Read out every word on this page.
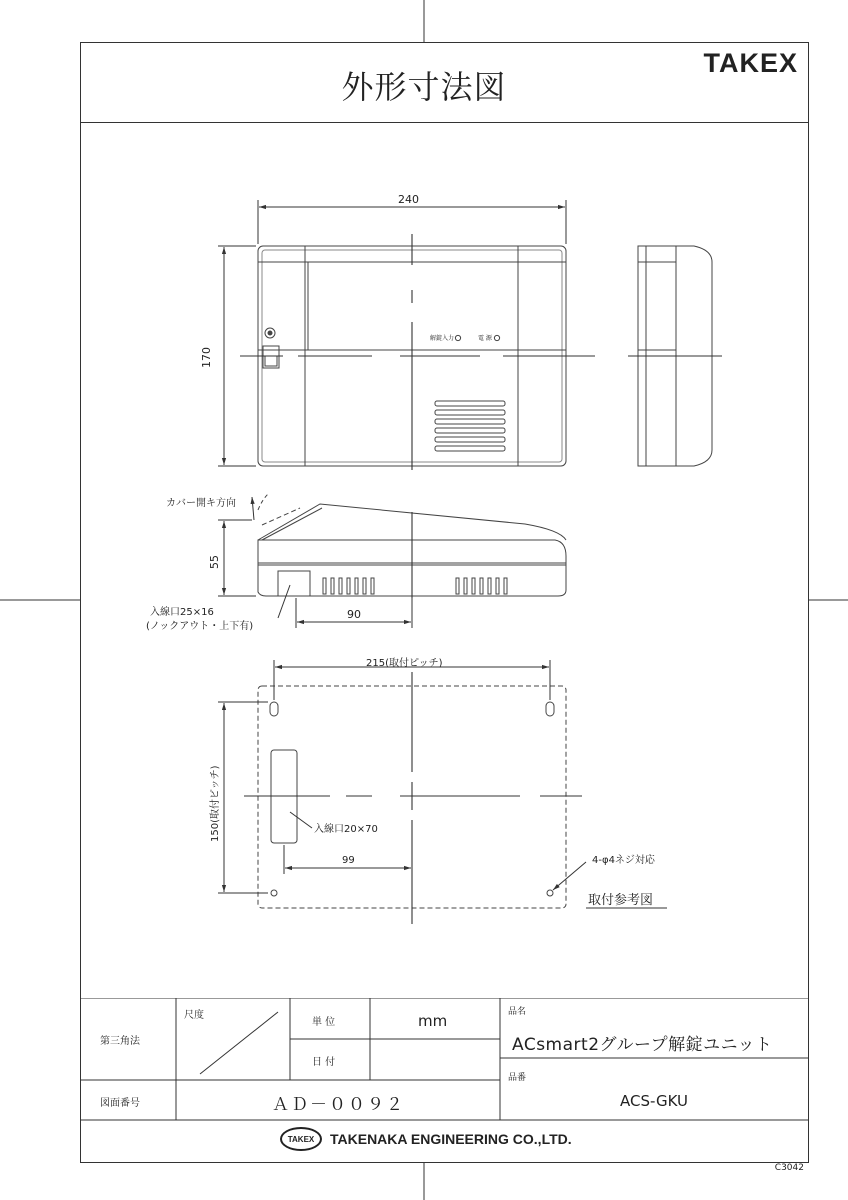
外形寸法図
TAKEX
240
170
解錠入力	電 源
カバー開キ方向
55
90
入線口25×16
(ノックアウト・上下有)
215(取付ピッチ)
150(取付ピッチ)	入線口20×70
99	4-φ4ネジ対応
取付参考図
第三角法
尺度
単 位	mm
日 付
品名
ACsmart2グループ解錠ユニット
品番
ACS-GKU
図面番号	ＡＤ－００９２
TAKEX TAKENAKA ENGINEERING CO.,LTD.
C3042
